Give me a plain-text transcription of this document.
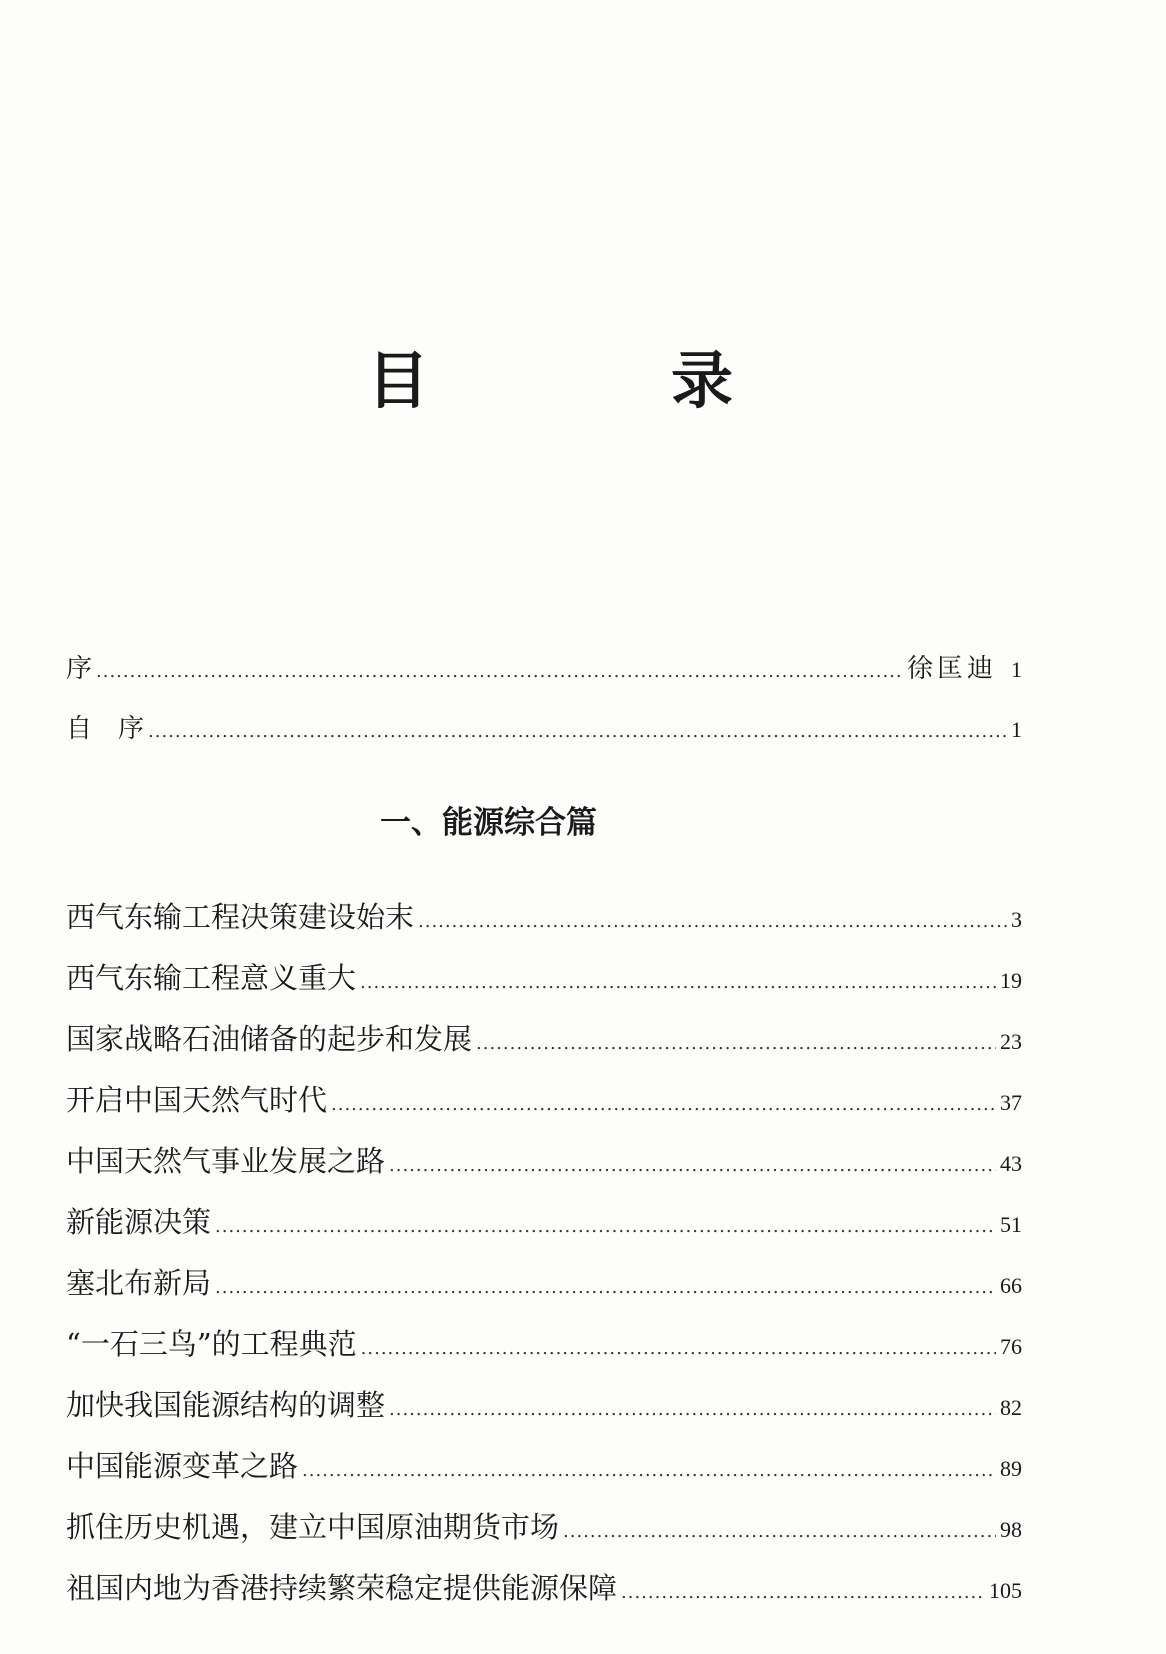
目　录
序 .....	徐匡迪 1
自　序 .....	1
一、能源综合篇
西气东输工程决策建设始末 .....	3
西气东输工程意义重大 .....	19
国家战略石油储备的起步和发展 .....	23
开启中国天然气时代 .....	37
中国天然气事业发展之路 .....	43
新能源决策 .....	51
塞北布新局 .....	66
“一石三鸟”的工程典范 .....	76
加快我国能源结构的调整 .....	82
中国能源变革之路 .....	89
抓住历史机遇，建立中国原油期货市场 .....	98
祖国内地为香港持续繁荣稳定提供能源保障 .....	105
